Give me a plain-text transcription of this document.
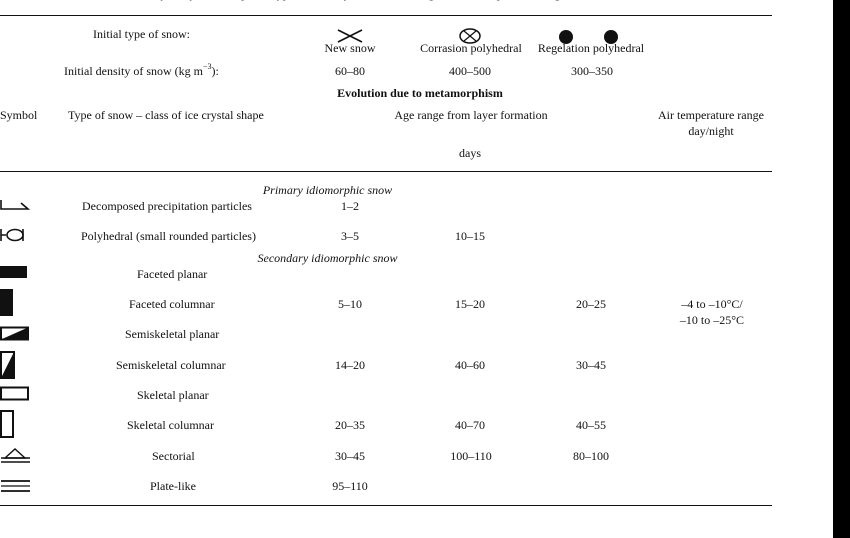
Initial type of snow:
New snow	Corrasion polyhedral	Regelation polyhedral
Initial density of snow (kg $m^{-3}$):	60–80	400–500	300–350
Evolution due to metamorphism
Symbol	Type of snow – class of ice crystal shape	Age range from layer formation
days
Air temperature range
day/night
Primary idiomorphic snow
Decomposed precipitation particles	1–2
Polyhedral (small rounded particles)	3–5	10–15
Secondary idiomorphic snow
Faceted planar
Faceted columnar	5–10	15–20	20–25	–4 to –10°C/
–10 to –25°C
Semiskeletal planar
Semiskeletal columnar	14–20	40–60	30–45
Skeletal planar
Skeletal columnar	20–35	40–70	40–55
Sectorial	30–45	100–110	80–100
Plate-like	95–110
